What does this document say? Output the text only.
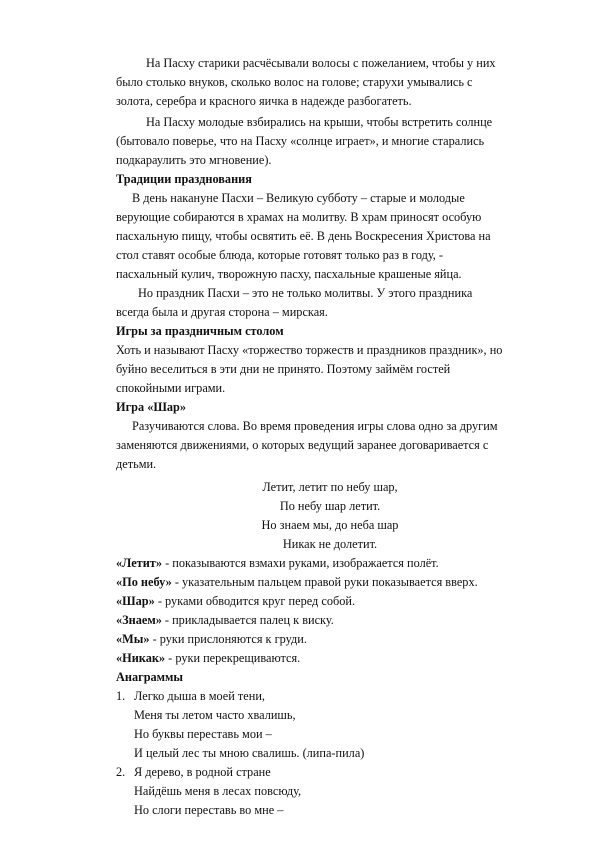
На Пасху старики расчёсывали волосы с пожеланием, чтобы у них
было столько внуков, сколько волос на голове; старухи умывались с
золота, серебра и красного яичка в надежде разбогатеть.
На Пасху молодые взбирались на крыши, чтобы встретить солнце
(бытовало поверье, что на Пасху «солнце играет», и многие старались
подкараулить это мгновение).
Традиции празднования
В день накануне Пасхи – Великую субботу – старые и молодые
верующие собираются в храмах на молитву. В храм приносят особую
пасхальную пищу, чтобы освятить её. В день Воскресения Христова на
стол ставят особые блюда, которые готовят только раз в году, -
пасхальный кулич, творожную пасху, пасхальные крашеные яйца.
Но праздник Пасхи – это не только молитвы. У этого праздника
всегда была и другая сторона – мирская.
Игры за праздничным столом
Хоть и называют Пасху «торжество торжеств и праздников праздник», но
буйно веселиться в эти дни не принято. Поэтому займём гостей
спокойными играми.
Игра «Шар»
Разучиваются слова. Во время проведения игры слова одно за другим
заменяются движениями, о которых ведущий заранее договаривается с
детьми.
Летит, летит по небу шар,
По небу шар летит.
Но знаем мы, до неба шар
Никак не долетит.
«Летит» - показываются взмахи руками, изображается полёт.
«По небу» - указательным пальцем правой руки показывается вверх.
«Шар» - руками обводится круг перед собой.
«Знаем» - прикладывается палец к виску.
«Мы» - руки прислоняются к груди.
«Никак» - руки перекрещиваются.
Анаграммы
1. Легко дыша в моей тени,
Меня ты летом часто хвалишь,
Но буквы переставь мои –
И целый лес ты мною свалишь. (липа-пила)
2. Я дерево, в родной стране
Найдёшь меня в лесах повсюду,
Но слоги переставь во мне –
